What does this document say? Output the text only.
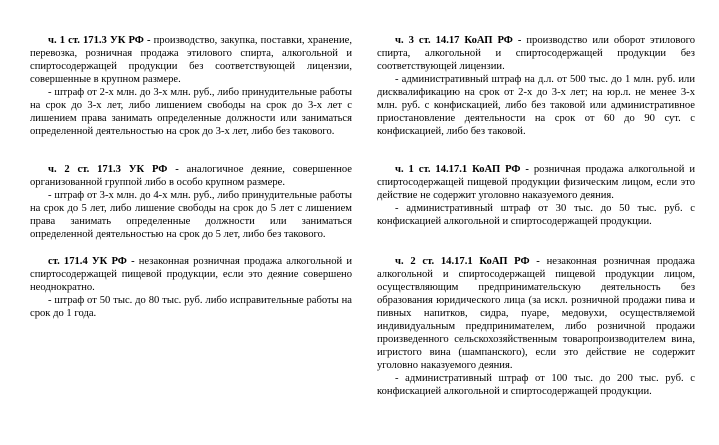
ч. 1 ст. 171.3 УК РФ - производство, закупка, поставки, хранение, перевозка, розничная продажа этилового спирта, алкогольной и спиртосодержащей продукции без соответствующей лицензии, совершенные в крупном размере.

- штраф от 2-х млн. до 3-х млн. руб., либо принудительные работы на срок до 3-х лет, либо лишением свободы на срок до 3-х лет с лишением права занимать определенные должности или заниматься определенной деятельностью на срок до 3-х лет, либо без такового.

ч. 2 ст. 171.3 УК РФ - аналогичное деяние, совершенное организованной группой либо в особо крупном размере.

- штраф от 3-х млн. до 4-х млн. руб., либо принудительные работы на срок до 5 лет, либо лишение свободы на срок до 5 лет с лишением права занимать определенные должности или заниматься определенной деятельностью на срок до 5 лет, либо без такового.

ст. 171.4 УК РФ - незаконная розничная продажа алкогольной и спиртосодержащей пищевой продукции, если это деяние совершено неоднократно.

- штраф от 50 тыс. до 80 тыс. руб. либо исправительные работы на срок до 1 года.

ч. 3 ст. 14.17 КоАП РФ - производство или оборот этилового спирта, алкогольной и спиртосодержащей продукции без соответствующей лицензии.

- административный штраф на д.л. от 500 тыс. до 1 млн. руб. или дисквалификацию на срок от 2-х до 3-х лет; на юр.л. не менее 3-х млн. руб. с конфискацией, либо без таковой или административное приостановление деятельности на срок от 60 до 90 сут. с конфискацией, либо без таковой.

ч. 1 ст. 14.17.1 КоАП РФ - розничная продажа алкогольной и спиртосодержащей пищевой продукции физическим лицом, если это действие не содержит уголовно наказуемого деяния.

- административный штраф от 30 тыс. до 50 тыс. руб. с конфискацией алкогольной и спиртосодержащей продукции.

ч. 2 ст. 14.17.1 КоАП РФ - незаконная розничная продажа алкогольной и спиртосодержащей пищевой продукции лицом, осуществляющим предпринимательскую деятельность без образования юридического лица (за искл. розничной продажи пива и пивных напитков, сидра, пуаре, медовухи, осуществляемой индивидуальным предпринимателем, либо розничной продажи произведенного сельскохозяйственным товаропроизводителем вина, игристого вина (шампанского), если это действие не содержит уголовно наказуемого деяния.

- административный штраф от 100 тыс. до 200 тыс. руб. с конфискацией алкогольной и спиртосодержащей продукции.
